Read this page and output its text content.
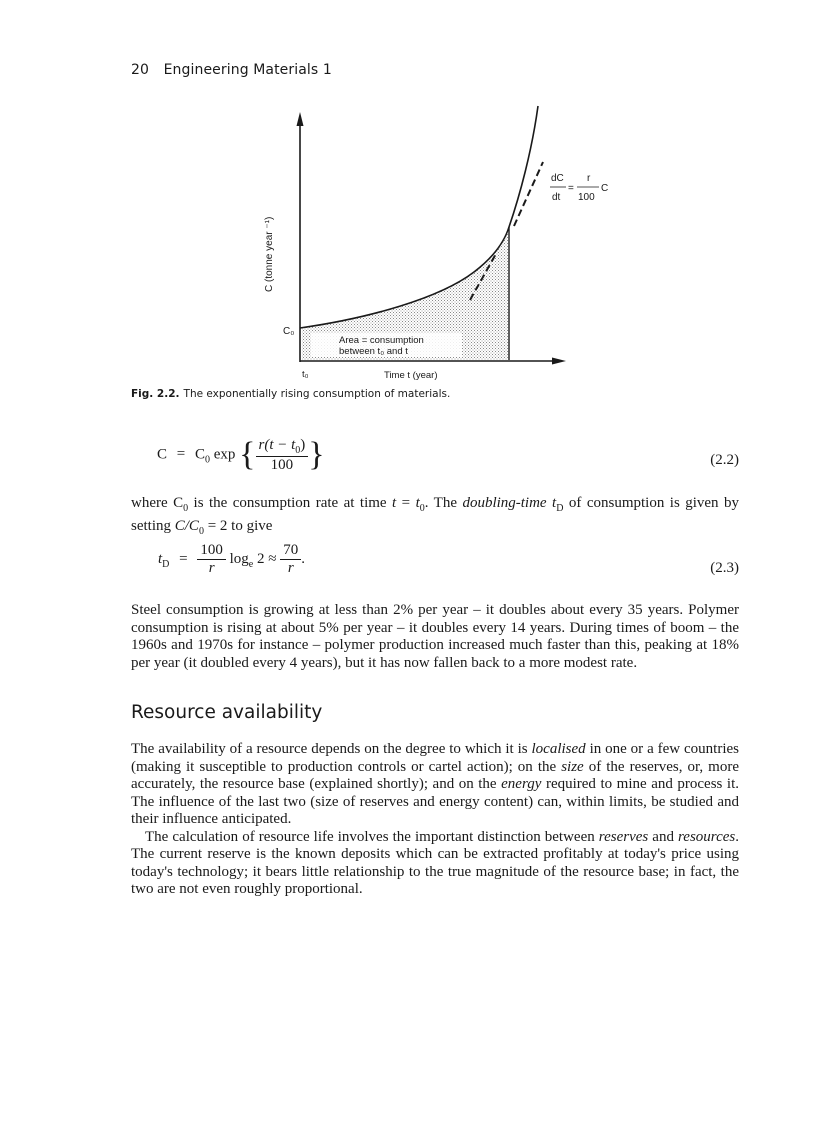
20 Engineering Materials 1
Area = consumption
between t₀ and t
C (tonne year ⁻¹)
Time t (year)
C₀
t₀
dC
dt
=
r
100
C
Fig. 2.2. The exponentially rising consumption of materials.
$C = C_0$ exp { $\frac{r(t - t_0)}{100}$ }	(2.2)

where $C_0$ is the consumption rate at time $t = t_0$. The doubling-time $t_D$ of consumption is given by setting $C/C_0 = 2$ to give

$t_D = \frac{100}{r} \log_e 2 \approx \frac{70}{r}$ .
(2.3)

Steel consumption is growing at less than 2% per year – it doubles about every 35 years. Polymer consumption is rising at about 5% per year – it doubles every 14 years. During times of boom – the 1960s and 1970s for instance – polymer production increased much faster than this, peaking at 18% per year (it doubled every 4 years), but it has now fallen back to a more modest rate.

Resource availability

The availability of a resource depends on the degree to which it is localised in one or a few countries (making it susceptible to production controls or cartel action); on the size of the reserves, or, more accurately, the resource base (explained shortly); and on the energy required to mine and process it. The influence of the last two (size of reserves and energy content) can, within limits, be studied and their influence anticipated.

The calculation of resource life involves the important distinction between reserves and resources. The current reserve is the known deposits which can be extracted profitably at today's price using today's technology; it bears little relationship to the true magnitude of the resource base; in fact, the two are not even roughly proportional.
